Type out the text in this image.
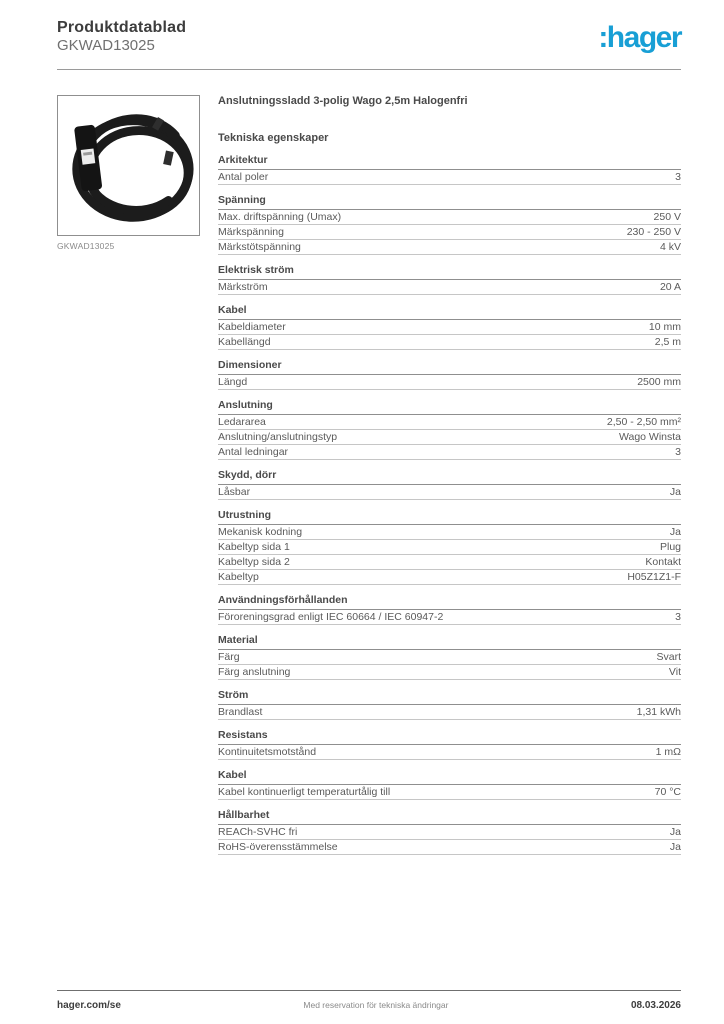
Produktdatablad
GKWAD13025	:hager
GKWAD13025
Anslutningssladd 3-polig Wago 2,5m Halogenfri
Tekniska egenskaper
Arkitektur
Antal poler	3
Spänning
Max. driftspänning (Umax)	250 V
Märkspänning	230 - 250 V
Märkstötspänning	4 kV
Elektrisk ström
Märkström	20 A
Kabel
Kabeldiameter	10 mm
Kabellängd	2,5 m
Dimensioner
Längd	2500 mm
Anslutning
Ledararea	2,50 - 2,50 mm²
Anslutning/anslutningstyp	Wago Winsta
Antal ledningar	3
Skydd, dörr
Låsbar	Ja
Utrustning
Mekanisk kodning	Ja
Kabeltyp sida 1	Plug
Kabeltyp sida 2	Kontakt
Kabeltyp	H05Z1Z1-F
Användningsförhållanden
Föroreningsgrad enligt IEC 60664 / IEC 60947-2	3
Material
Färg	Svart
Färg anslutning	Vit
Ström
Brandlast	1,31 kWh
Resistans
Kontinuitetsmotstånd	1 mΩ
Kabel
Kabel kontinuerligt temperaturtålig till	70 °C
Hållbarhet
REACh-SVHC fri	Ja
RoHS-överensstämmelse	Ja
hager.com/se	Med reservation för tekniska ändringar	08.03.2026
